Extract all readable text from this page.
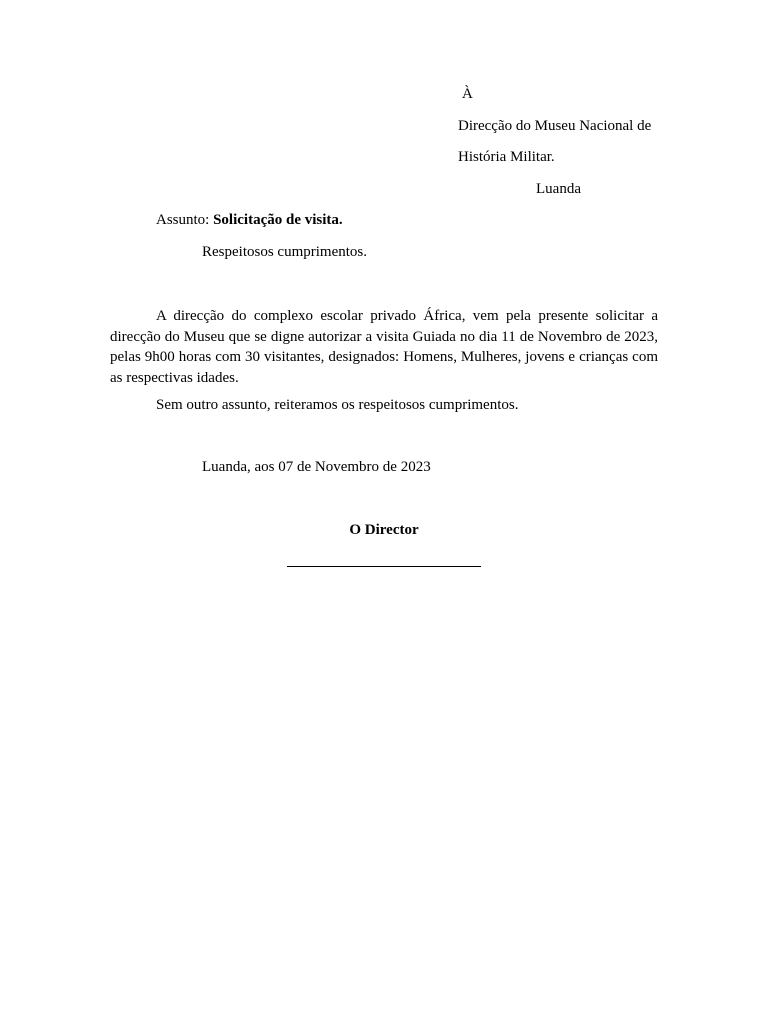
À
Direcção do Museu Nacional de
História Militar.
Luanda
Assunto: Solicitação de visita.
Respeitosos cumprimentos.
A direcção do complexo escolar privado África, vem pela presente solicitar a direcção do Museu que se digne autorizar a visita Guiada no dia 11 de Novembro de 2023, pelas 9h00 horas com 30 visitantes, designados: Homens, Mulheres, jovens e crianças com as respectivas idades.
Sem outro assunto, reiteramos os respeitosos cumprimentos.
Luanda, aos 07 de Novembro de 2023
O Director
